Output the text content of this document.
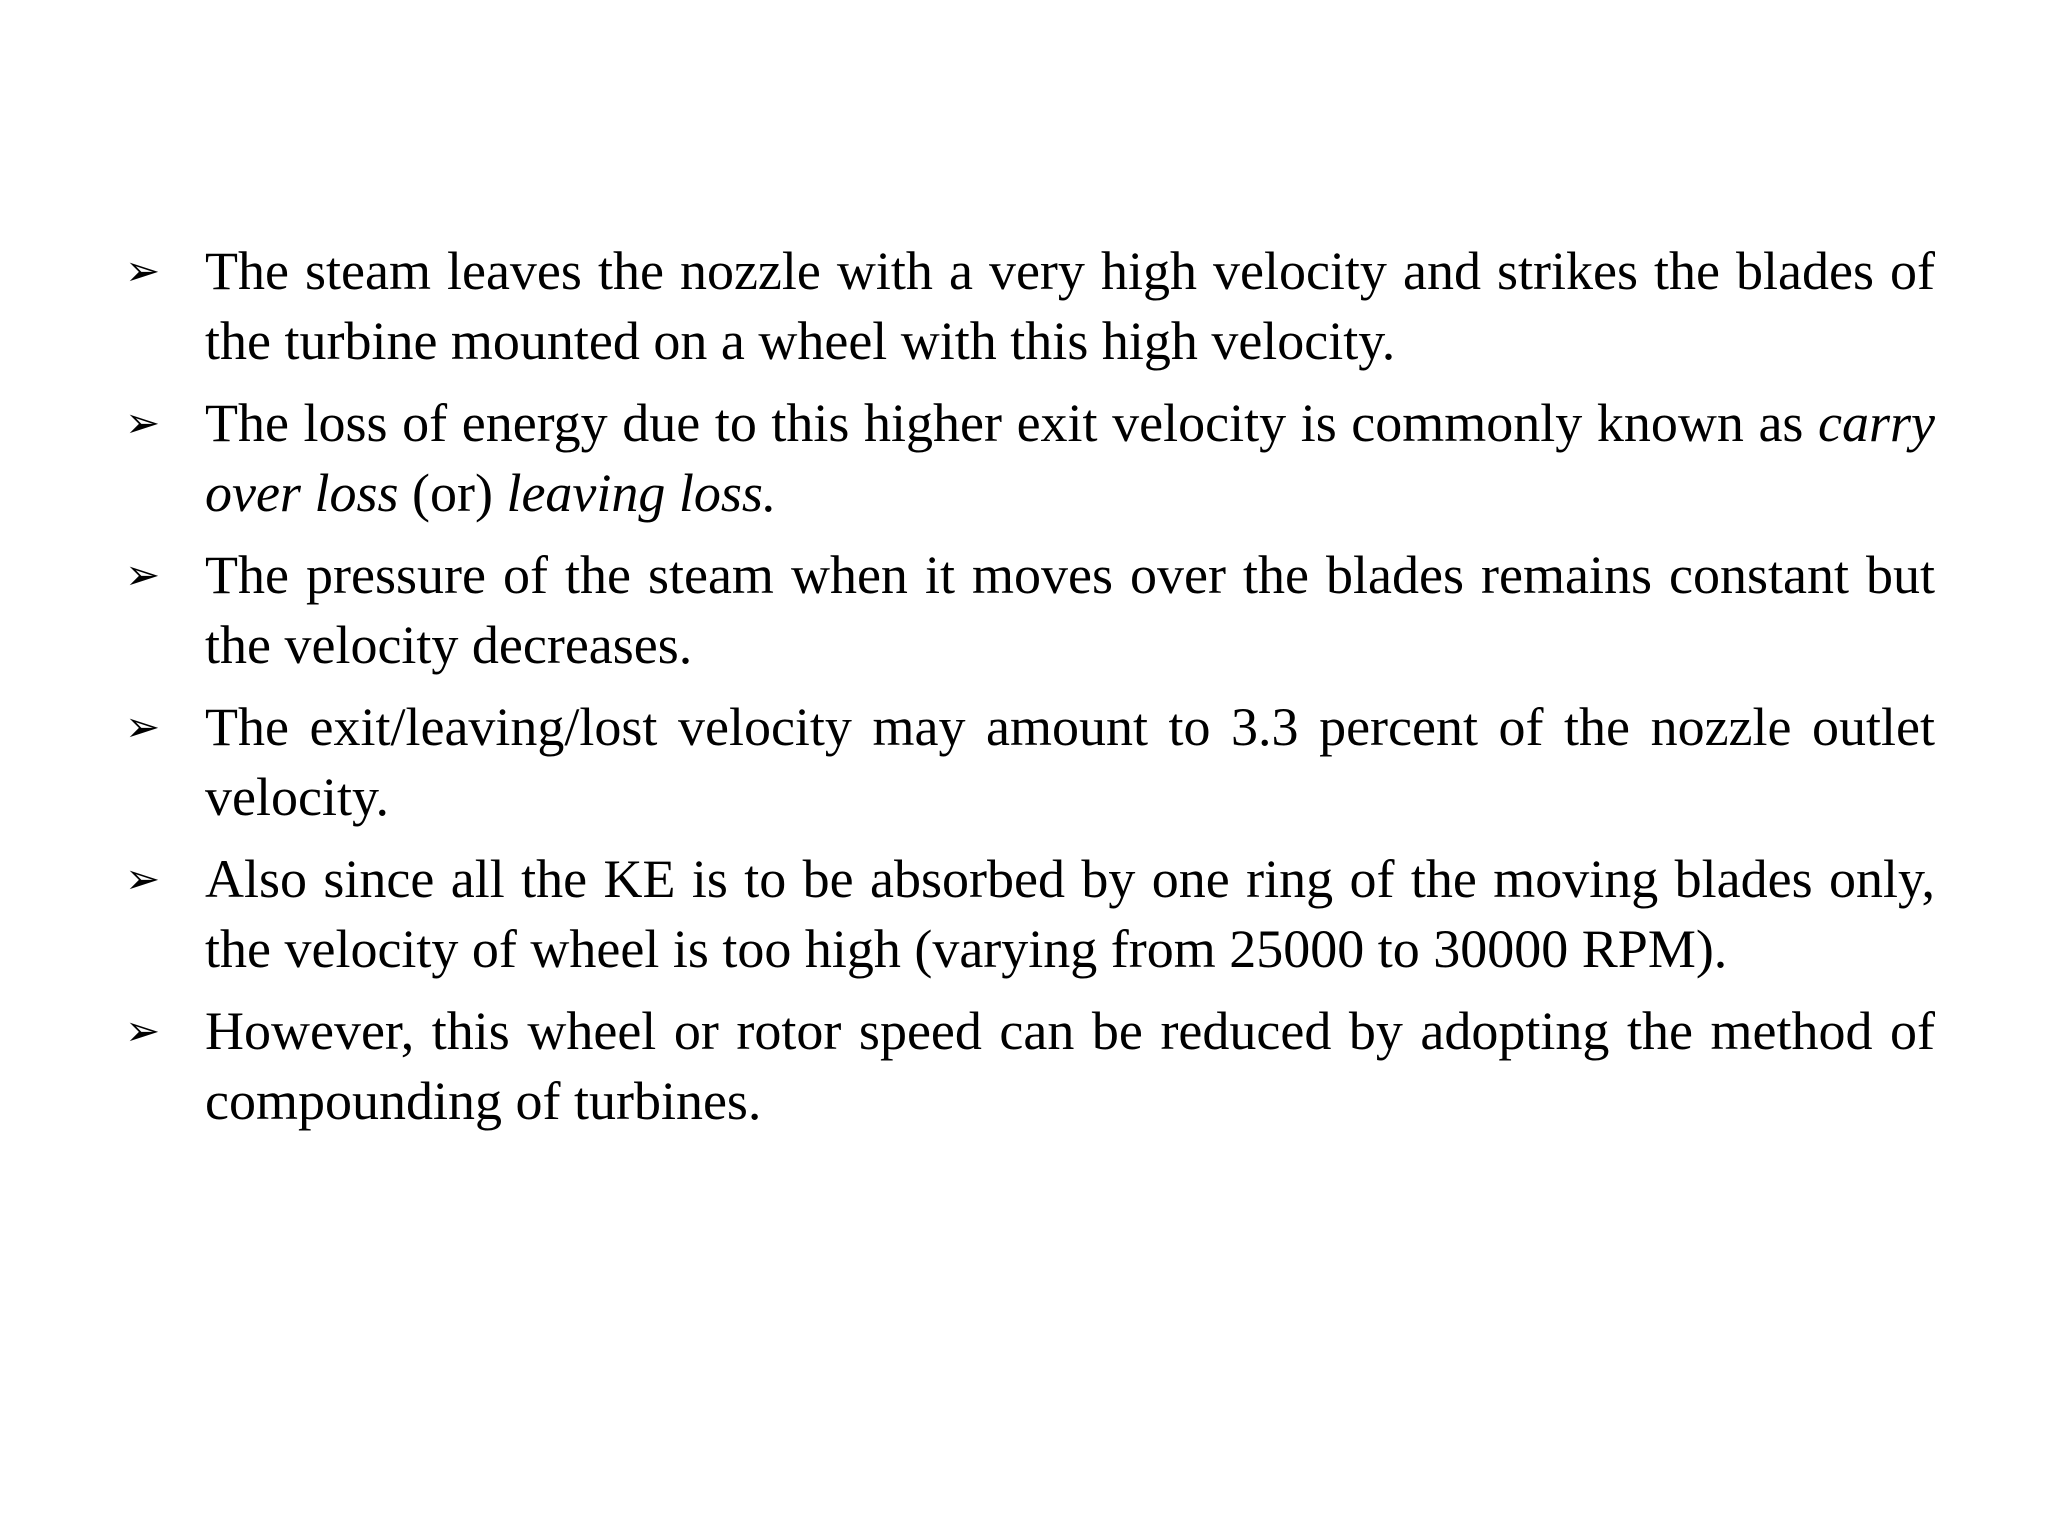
➢ The steam leaves the nozzle with a very high velocity and strikes the blades of the turbine mounted on a wheel with this high velocity.
➢ The loss of energy due to this higher exit velocity is commonly known as carry over loss (or) leaving loss.
➢ The pressure of the steam when it moves over the blades remains constant but the velocity decreases.
➢ The exit/leaving/lost velocity may amount to 3.3 percent of the nozzle outlet velocity.
➢ Also since all the KE is to be absorbed by one ring of the moving blades only, the velocity of wheel is too high (varying from 25000 to 30000 RPM).
➢ However, this wheel or rotor speed can be reduced by adopting the method of compounding of turbines.
